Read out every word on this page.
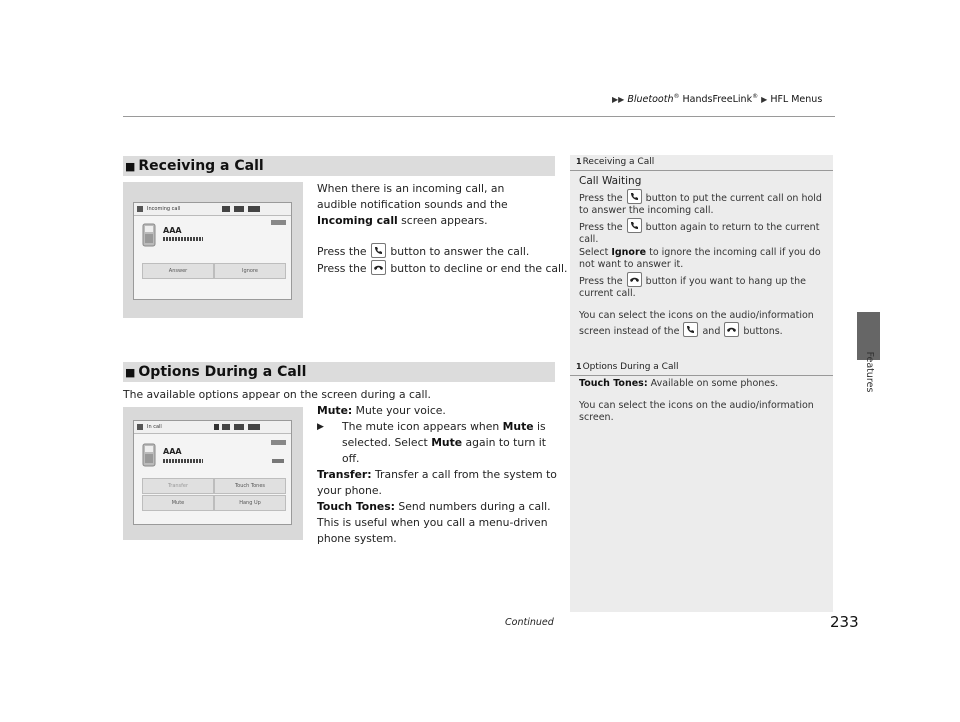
▶▶ Bluetooth® HandsFreeLink® ▶ HFL Menus
Features
■ Receiving a Call
Incoming call
AAA
Answer	Ignore
When there is an incoming call, an audible notification sounds and the Incoming call screen appears.
Press the
button to answer the call.
Press the
button to decline or end the call.
■ Options During a Call
The available options appear on the screen during a call.
In call
AAA
Transfer	Touch Tones
Mute	Hang Up
Mute: Mute your voice.
▶	The mute icon appears when Mute is selected. Select Mute again to turn it off.
Transfer: Transfer a call from the system to your phone.
Touch Tones: Send numbers during a call. This is useful when you call a menu-driven phone system.
1Receiving a Call
Call Waiting
Press the
button to put the current call on hold to answer the incoming call.
Press the
button again to return to the current call.
Select Ignore to ignore the incoming call if you do not want to answer it.
Press the
button if you want to hang up the current call.
You can select the icons on the audio/information screen instead of the
and
buttons.
1Options During a Call
Touch Tones: Available on some phones.
You can select the icons on the audio/information screen.
Continued	233
